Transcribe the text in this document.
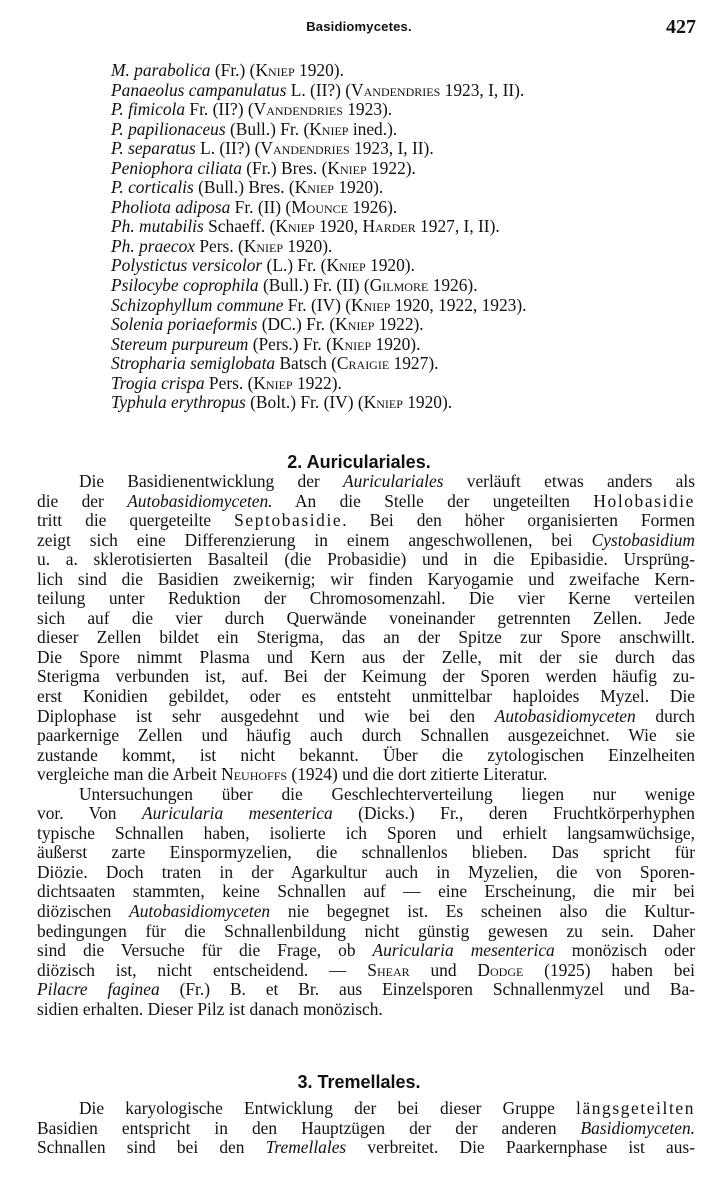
Basidiomycetes.	427
M. parabolica (Fr.) (Kniep 1920).
Panaeolus campanulatus L. (II?) (Vandendries 1923, I, II).
P. fimicola Fr. (II?) (Vandendries 1923).
P. papilionaceus (Bull.) Fr. (Kniep ined.).
P. separatus L. (II?) (Vandendries 1923, I, II).
Peniophora ciliata (Fr.) Bres. (Kniep 1922).
P. corticalis (Bull.) Bres. (Kniep 1920).
Pholiota adiposa Fr. (II) (Mounce 1926).
Ph. mutabilis Schaeff. (Kniep 1920, Harder 1927, I, II).
Ph. praecox Pers. (Kniep 1920).
Polystictus versicolor (L.) Fr. (Kniep 1920).
Psilocybe coprophila (Bull.) Fr. (II) (Gilmore 1926).
Schizophyllum commune Fr. (IV) (Kniep 1920, 1922, 1923).
Solenia poriaeformis (DC.) Fr. (Kniep 1922).
Stereum purpureum (Pers.) Fr. (Kniep 1920).
Stropharia semiglobata Batsch (Craigie 1927).
Trogia crispa Pers. (Kniep 1922).
Typhula erythropus (Bolt.) Fr. (IV) (Kniep 1920).
2. Auriculariales.
Die Basidienentwicklung der Auriculariales verläuft etwas anders als
die der Autobasidiomyceten. An die Stelle der ungeteilten Holobasidie
tritt die quergeteilte Septobasidie. Bei den höher organisierten Formen
zeigt sich eine Differenzierung in einem angeschwollenen, bei Cystobasidium
u. a. sklerotisierten Basalteil (die Probasidie) und in die Epibasidie. Ursprüng-
lich sind die Basidien zweikernig; wir finden Karyogamie und zweifache Kern-
teilung unter Reduktion der Chromosomenzahl. Die vier Kerne verteilen
sich auf die vier durch Querwände voneinander getrennten Zellen. Jede
dieser Zellen bildet ein Sterigma, das an der Spitze zur Spore anschwillt.
Die Spore nimmt Plasma und Kern aus der Zelle, mit der sie durch das
Sterigma verbunden ist, auf. Bei der Keimung der Sporen werden häufig zu-
erst Konidien gebildet, oder es entsteht unmittelbar haploides Myzel. Die
Diplophase ist sehr ausgedehnt und wie bei den Autobasidiomyceten durch
paarkernige Zellen und häufig auch durch Schnallen ausgezeichnet. Wie sie
zustande kommt, ist nicht bekannt. Über die zytologischen Einzelheiten
vergleiche man die Arbeit Neuhoffs (1924) und die dort zitierte Literatur.
Untersuchungen über die Geschlechterverteilung liegen nur wenige
vor. Von Auricularia mesenterica (Dicks.) Fr., deren Fruchtkörperhyphen
typische Schnallen haben, isolierte ich Sporen und erhielt langsamwüchsige,
äußerst zarte Einspormyzelien, die schnallenlos blieben. Das spricht für
Diözie. Doch traten in der Agarkultur auch in Myzelien, die von Sporen-
dichtsaaten stammten, keine Schnallen auf — eine Erscheinung, die mir bei
diözischen Autobasidiomyceten nie begegnet ist. Es scheinen also die Kultur-
bedingungen für die Schnallenbildung nicht günstig gewesen zu sein. Daher
sind die Versuche für die Frage, ob Auricularia mesenterica monözisch oder
diözisch ist, nicht entscheidend. — Shear und Dodge (1925) haben bei
Pilacre faginea (Fr.) B. et Br. aus Einzelsporen Schnallenmyzel und Ba-
sidien erhalten. Dieser Pilz ist danach monözisch.
3. Tremellales.
Die karyologische Entwicklung der bei dieser Gruppe längsgeteilten
Basidien entspricht in den Hauptzügen der der anderen Basidiomyceten.
Schnallen sind bei den Tremellales verbreitet. Die Paarkernphase ist aus-
